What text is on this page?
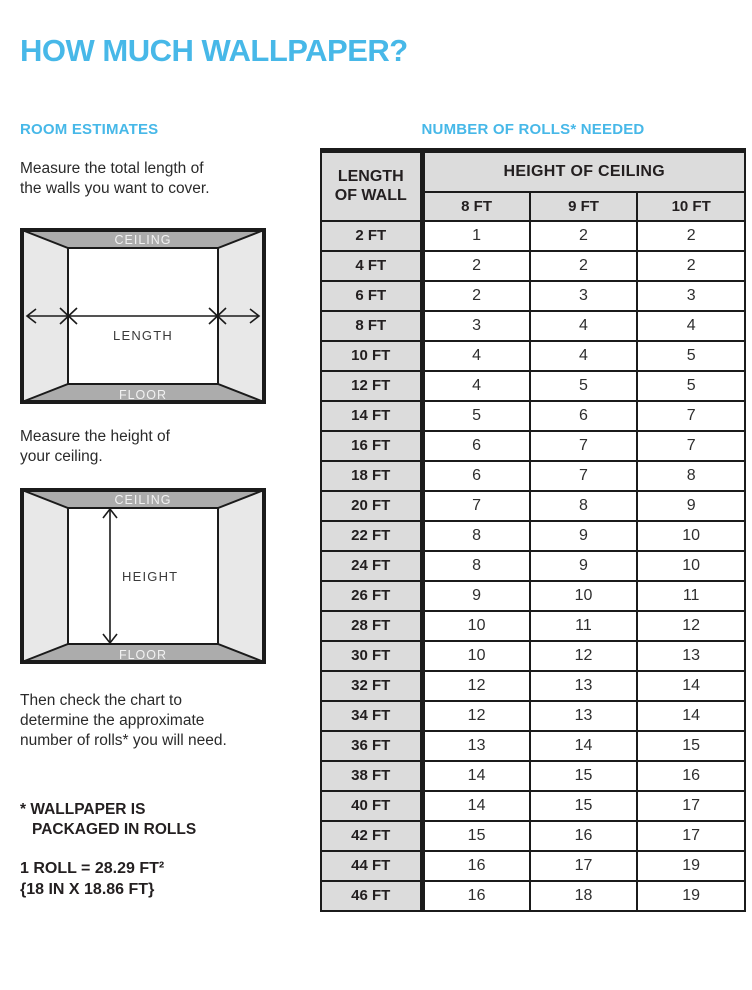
HOW MUCH WALLPAPER?
ROOM ESTIMATES

Measure the total length of
the walls you want to cover.

CEILING
FLOOR
LENGTH

Measure the height of
your ceiling.

CEILING
FLOOR
HEIGHT

Then check the chart to
determine the approximate
number of rolls* you will need.

* WALLPAPER IS
PACKAGED IN ROLLS

1 ROLL = 28.29 FT²
{18 IN X 18.86 FT}

NUMBER OF ROLLS* NEEDED
LENGTH
OF WALL	HEIGHT OF CEILING		
	8 FT	9 FT	10 FT
2 FT	1	2	2
4 FT	2	2	2
6 FT	2	3	3
8 FT	3	4	4
10 FT	4	4	5
12 FT	4	5	5
14 FT	5	6	7
16 FT	6	7	7
18 FT	6	7	8
20 FT	7	8	9
22 FT	8	9	10
24 FT	8	9	10
26 FT	9	10	11
28 FT	10	11	12
30 FT	10	12	13
32 FT	12	13	14
34 FT	12	13	14
36 FT	13	14	15
38 FT	14	15	16
40 FT	14	15	17
42 FT	15	16	17
44 FT	16	17	19
46 FT	16	18	19
